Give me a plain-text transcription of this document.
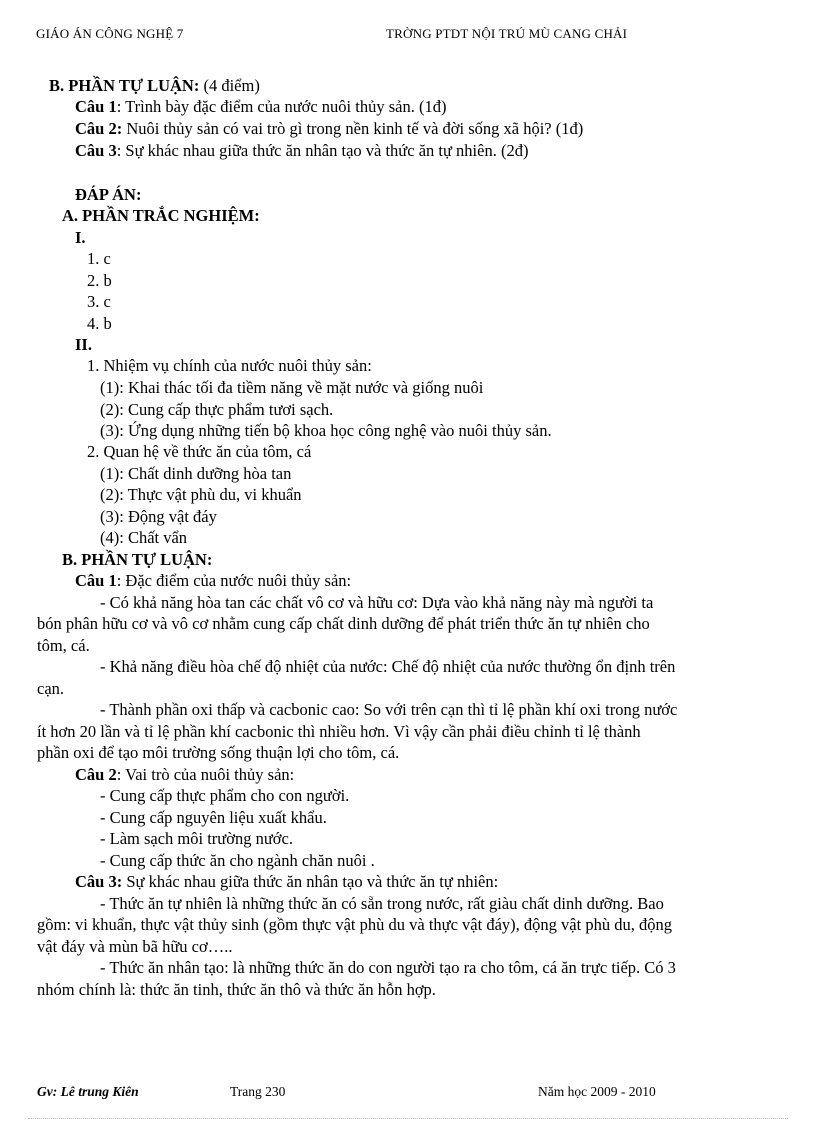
GIÁO ÁN CÔNG NGHỆ 7	TRỜNG PTDT NỘI TRÚ MÙ CANG CHẢI
B. PHẦN TỰ LUẬN: (4 điểm)
Câu 1: Trình bày đặc điểm của nước nuôi thủy sản. (1đ)
Câu 2: Nuôi thủy sản có vai trò gì trong nền kinh tế và đời sống xã hội? (1đ)
Câu 3: Sự khác nhau giữa thức ăn nhân tạo và thức ăn tự nhiên. (2đ)
ĐÁP ÁN:
A. PHẦN TRẮC NGHIỆM:
I.
1. c
2. b
3. c
4. b
II.
1. Nhiệm vụ chính của nước nuôi thủy sản:
(1): Khai thác tối đa tiềm năng về mặt nước và giống nuôi
(2): Cung cấp thực phẩm tươi sạch.
(3): Ứng dụng những tiến bộ khoa học công nghệ vào nuôi thủy sản.
2. Quan hệ về thức ăn của tôm, cá
(1): Chất dinh dưỡng hòa tan
(2): Thực vật phù du, vi khuẩn
(3): Động vật đáy
(4): Chất vẩn
B. PHẦN TỰ LUẬN:
Câu 1: Đặc điểm của nước nuôi thủy sản:
- Có khả năng hòa tan các chất vô cơ và hữu cơ: Dựa vào khả năng này mà người ta
bón phân hữu cơ và vô cơ nhằm cung cấp chất dinh dưỡng để phát triển thức ăn tự nhiên cho
tôm, cá.
- Khả năng điều hòa chế độ nhiệt của nước: Chế độ nhiệt của nước thường ổn định trên
cạn.
- Thành phần oxi thấp và cacbonic cao: So với trên cạn thì tỉ lệ phần khí oxi trong nước
ít hơn 20 lần và tỉ lệ phần khí cacbonic thì nhiều hơn. Vì vậy cần phải điều chỉnh tỉ lệ thành
phần oxi để tạo môi trường sống thuận lợi cho tôm, cá.
Câu 2: Vai trò của nuôi thủy sản:
- Cung cấp thực phẩm cho con người.
- Cung cấp nguyên liệu xuất khẩu.
- Làm sạch môi trường nước.
- Cung cấp thức ăn cho ngành chăn nuôi .
Câu 3: Sự khác nhau giữa thức ăn nhân tạo và thức ăn tự nhiên:
- Thức ăn tự nhiên là những thức ăn có sẵn trong nước, rất giàu chất dinh dưỡng. Bao
gồm: vi khuẩn, thực vật thủy sinh (gồm thực vật phù du và thực vật đáy), động vật phù du, động
vật đáy và mùn bã hữu cơ…..
- Thức ăn nhân tạo: là những thức ăn do con người tạo ra cho tôm, cá ăn trực tiếp. Có 3
nhóm chính là: thức ăn tinh, thức ăn thô và thức ăn hỗn hợp.
Gv: Lê trung Kiên	Trang 230	Năm học 2009 - 2010
